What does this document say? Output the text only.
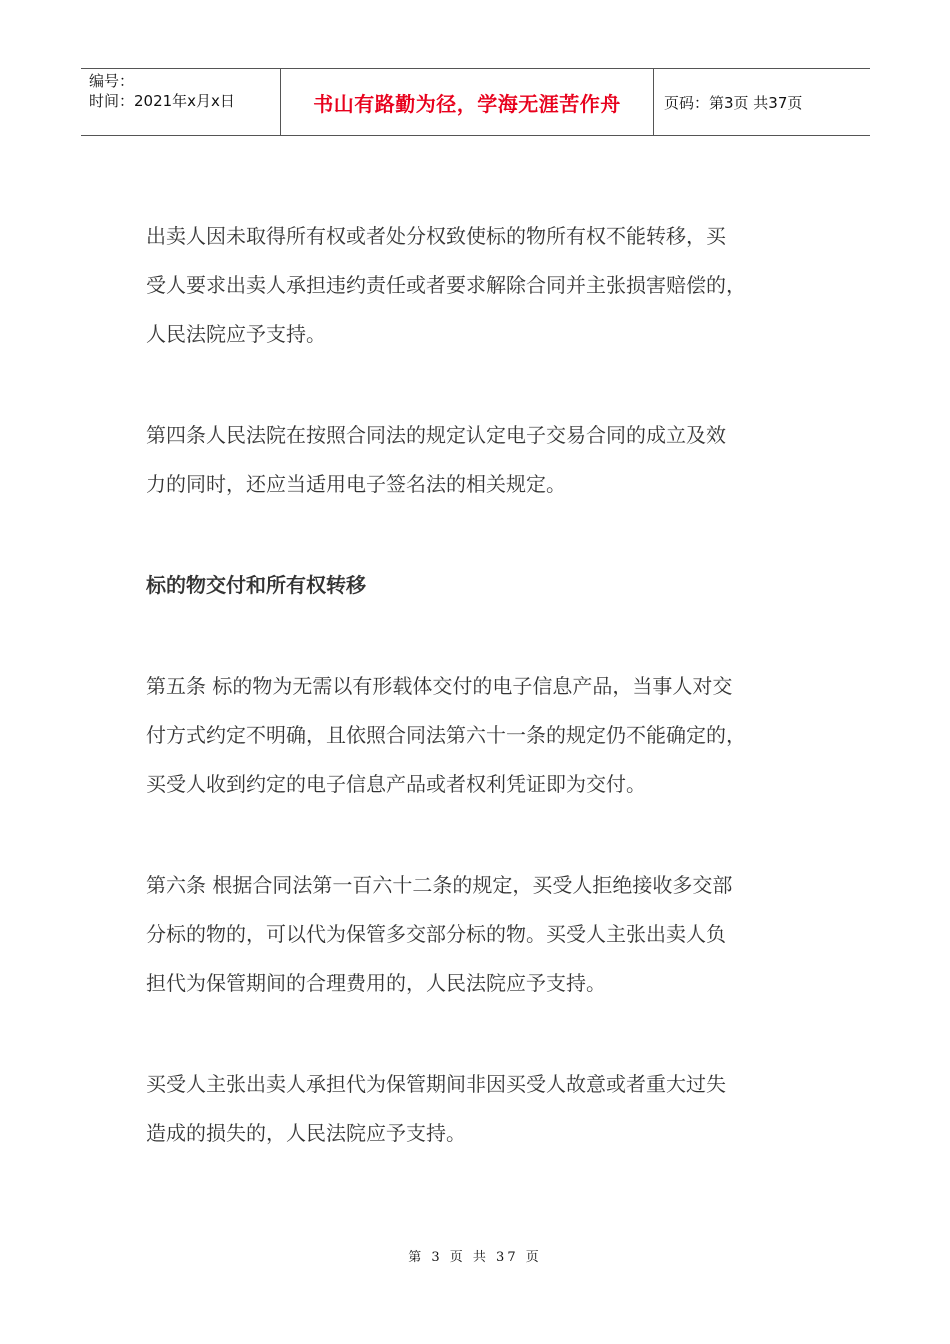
编号：
时间：2021年x月x日	书山有路勤为径，学海无涯苦作舟	页码：第3页 共37页

出卖人因未取得所有权或者处分权致使标的物所有权不能转移，买
受人要求出卖人承担违约责任或者要求解除合同并主张损害赔偿的，
人民法院应予支持。

第四条人民法院在按照合同法的规定认定电子交易合同的成立及效
力的同时，还应当适用电子签名法的相关规定。

标的物交付和所有权转移

第五条 标的物为无需以有形载体交付的电子信息产品，当事人对交
付方式约定不明确，且依照合同法第六十一条的规定仍不能确定的，
买受人收到约定的电子信息产品或者权利凭证即为交付。

第六条 根据合同法第一百六十二条的规定，买受人拒绝接收多交部
分标的物的，可以代为保管多交部分标的物。买受人主张出卖人负
担代为保管期间的合理费用的，人民法院应予支持。

买受人主张出卖人承担代为保管期间非因买受人故意或者重大过失
造成的损失的，人民法院应予支持。

第 3 页 共 37 页
